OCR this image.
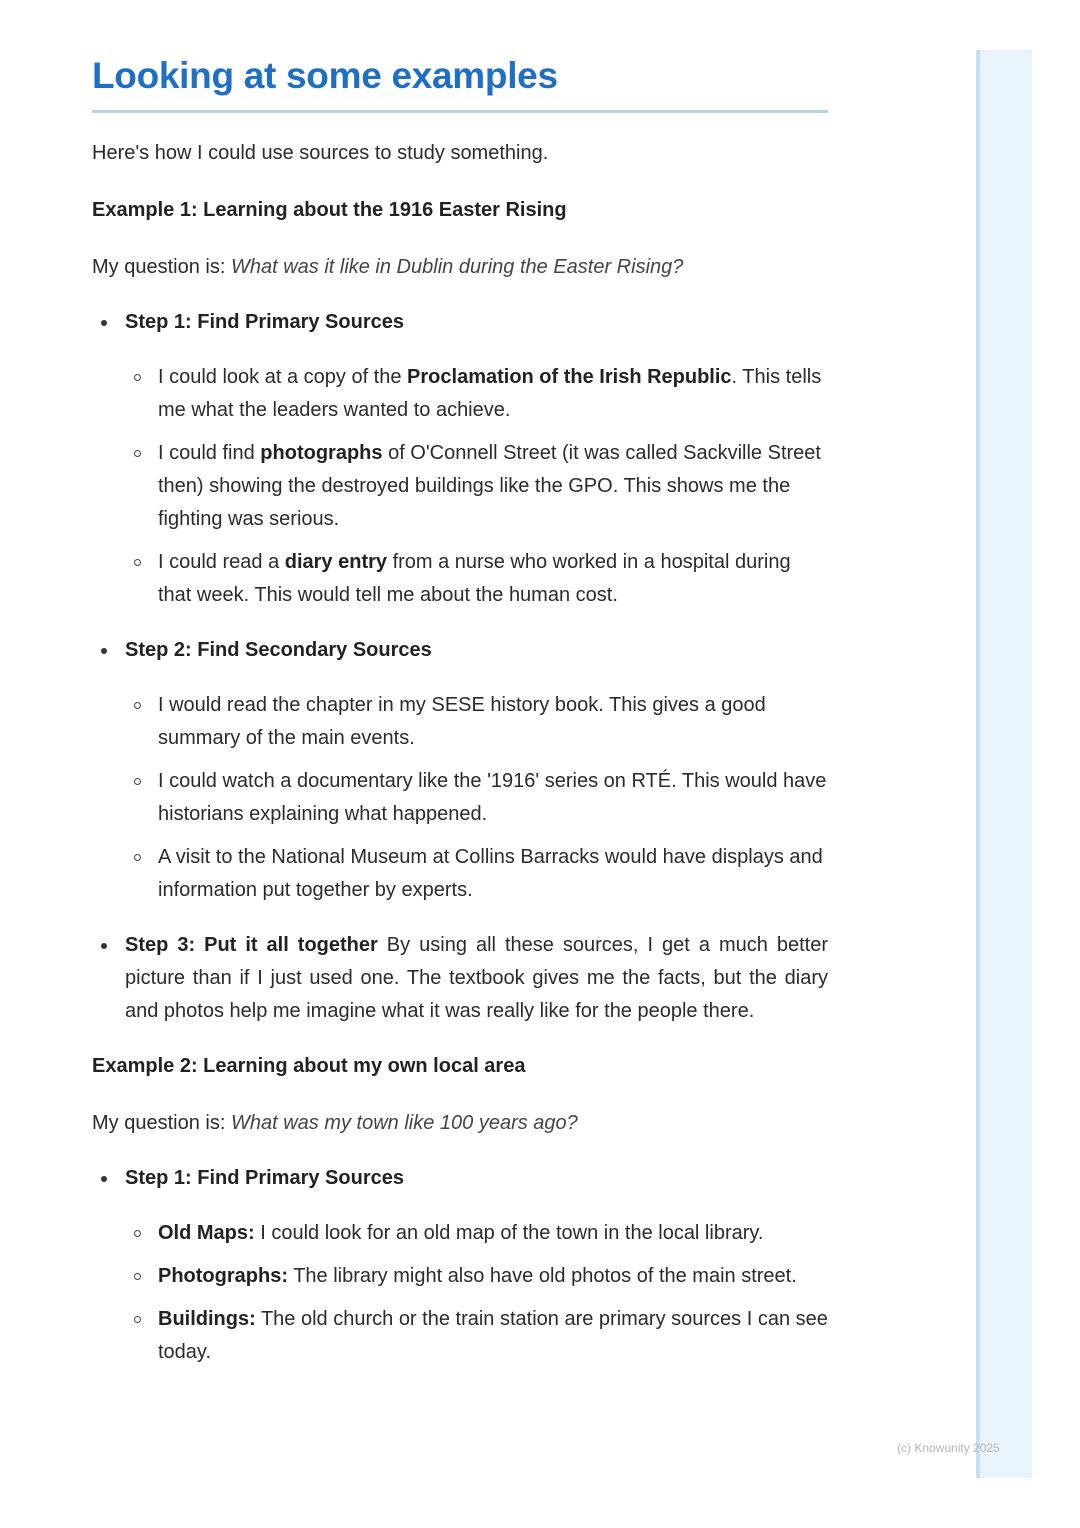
(c) Knowunity 2025
Looking at some examples

Here's how I could use sources to study something.

Example 1: Learning about the 1916 Easter Rising

My question is: What was it like in Dublin during the Easter Rising?

Step 1: Find Primary Sources
I could look at a copy of the Proclamation of the Irish Republic. This tells me what the leaders wanted to achieve.
I could find photographs of O'Connell Street (it was called Sackville Street then) showing the destroyed buildings like the GPO. This shows me the fighting was serious.
I could read a diary entry from a nurse who worked in a hospital during that week. This would tell me about the human cost.
Step 2: Find Secondary Sources
I would read the chapter in my SESE history book. This gives a good summary of the main events.
I could watch a documentary like the '1916' series on RTÉ. This would have historians explaining what happened.
A visit to the National Museum at Collins Barracks would have displays and information put together by experts.
Step 3: Put it all together By using all these sources, I get a much better picture than if I just used one. The textbook gives me the facts, but the diary and photos help me imagine what it was really like for the people there.

Example 2: Learning about my own local area

My question is: What was my town like 100 years ago?

Step 1: Find Primary Sources
Old Maps: I could look for an old map of the town in the local library.
Photographs: The library might also have old photos of the main street.
Buildings: The old church or the train station are primary sources I can see today.
